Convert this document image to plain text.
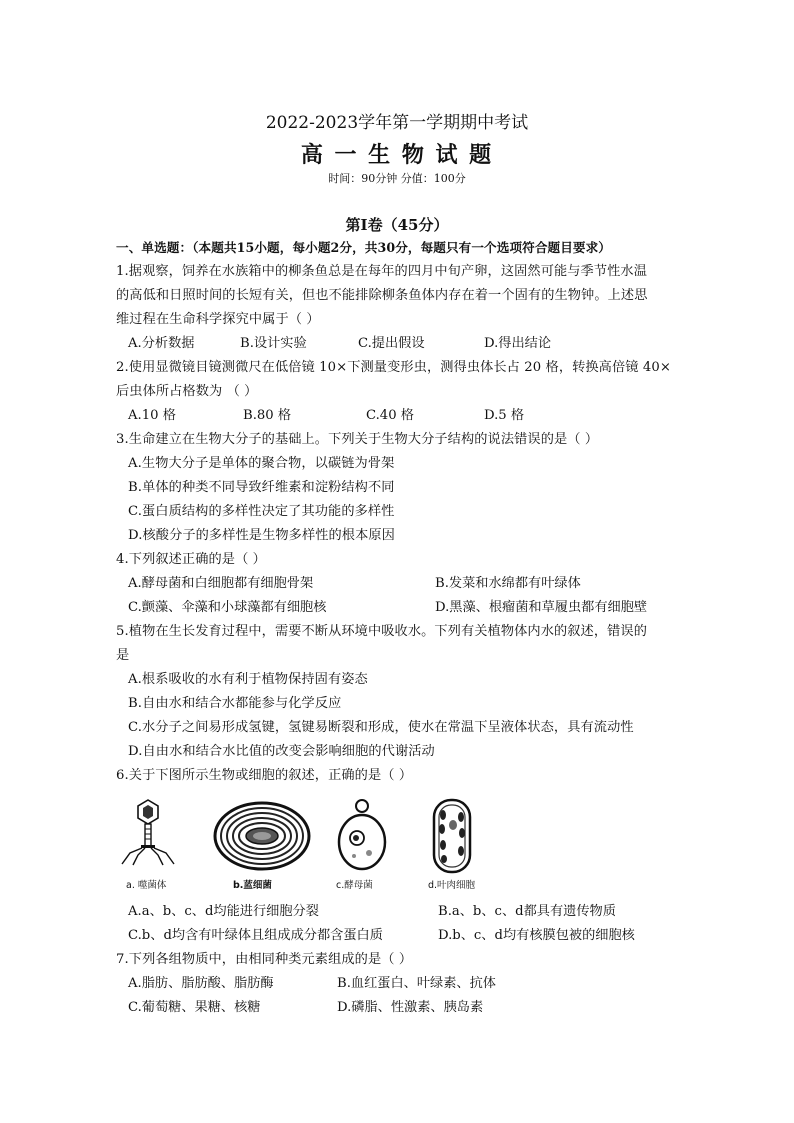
2022-2023学年第一学期期中考试
高 一 生 物 试 题
时间：90分钟 分值：100分
第Ⅰ卷（45分）
一、单选题：（本题共15小题，每小题2分，共30分，每题只有一个选项符合题目要求）
1.据观察，饲养在水族箱中的柳条鱼总是在每年的四月中旬产卵，这固然可能与季节性水温
的高低和日照时间的长短有关，但也不能排除柳条鱼体内存在着一个固有的生物钟。上述思
维过程在生命科学探究中属于（ ）
A.分析数据	B.设计实验	C.提出假设	D.得出结论
2.使用显微镜目镜测微尺在低倍镜 10×下测量变形虫，测得虫体长占 20 格，转换高倍镜 40×
后虫体所占格数为 （ ）
A.10 格	B.80 格	C.40 格	D.5 格
3.生命建立在生物大分子的基础上。下列关于生物大分子结构的说法错误的是（ ）
A.生物大分子是单体的聚合物，以碳链为骨架
B.单体的种类不同导致纤维素和淀粉结构不同
C.蛋白质结构的多样性决定了其功能的多样性
D.核酸分子的多样性是生物多样性的根本原因
4.下列叙述正确的是（ ）
A.酵母菌和白细胞都有细胞骨架	B.发菜和水绵都有叶绿体
C.颤藻、伞藻和小球藻都有细胞核	D.黑藻、根瘤菌和草履虫都有细胞壁
5.植物在生长发育过程中，需要不断从环境中吸收水。下列有关植物体内水的叙述，错误的
是
A.根系吸收的水有利于植物保持固有姿态
B.自由水和结合水都能参与化学反应
C.水分子之间易形成氢键，氢键易断裂和形成，使水在常温下呈液体状态，具有流动性
D.自由水和结合水比值的改变会影响细胞的代谢活动
6.关于下图所示生物或细胞的叙述，正确的是（ ）
a. 噬菌体	b.蓝细菌	c.酵母菌	d.叶肉细胞
A.a、b、c、d均能进行细胞分裂	B.a、b、c、d都具有遗传物质
C.b、d均含有叶绿体且组成成分都含蛋白质	D.b、c、d均有核膜包被的细胞核
7.下列各组物质中，由相同种类元素组成的是（ ）
A.脂肪、脂肪酸、脂肪酶	B.血红蛋白、叶绿素、抗体
C.葡萄糖、果糖、核糖	D.磷脂、性激素、胰岛素
